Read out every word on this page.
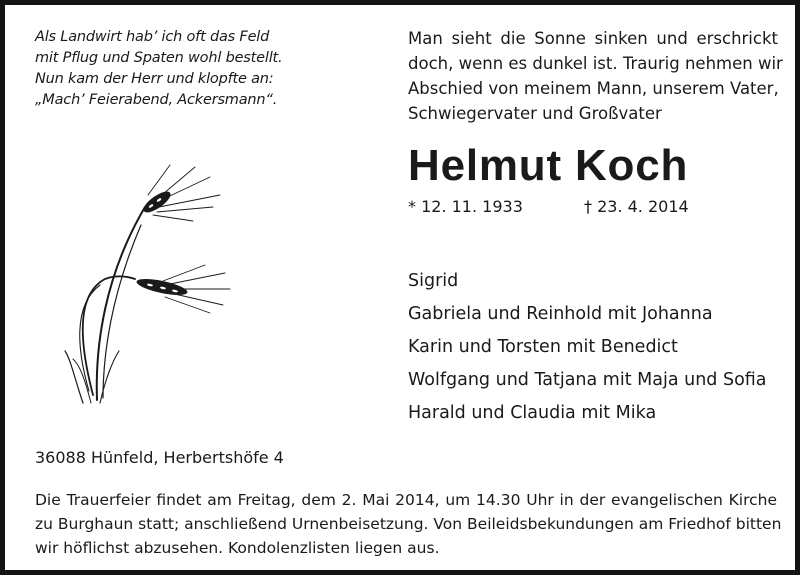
Als Landwirt hab’ ich oft das Feld
mit Pflug und Spaten wohl bestellt.
Nun kam der Herr und klopfte an:
„Mach’ Feierabend, Ackersmann“.
Man sieht die Sonne sinken und erschrickt
doch, wenn es dunkel ist. Traurig nehmen wir
Abschied von meinem Mann, unserem Vater,
Schwiegervater und Großvater
Helmut Koch
* 12. 11. 1933	† 23. 4. 2014
Sigrid
Gabriela und Reinhold mit Johanna
Karin und Torsten mit Benedict
Wolfgang und Tatjana mit Maja und Sofia
Harald und Claudia mit Mika
36088 Hünfeld, Herbertshöfe 4
Die Trauerfeier findet am Freitag, dem 2. Mai 2014, um 14.30 Uhr in der evangelischen Kirche
zu Burghaun statt; anschließend Urnenbeisetzung. Von Beileidsbekundungen am Friedhof bitten
wir höflichst abzusehen. Kondolenzlisten liegen aus.
